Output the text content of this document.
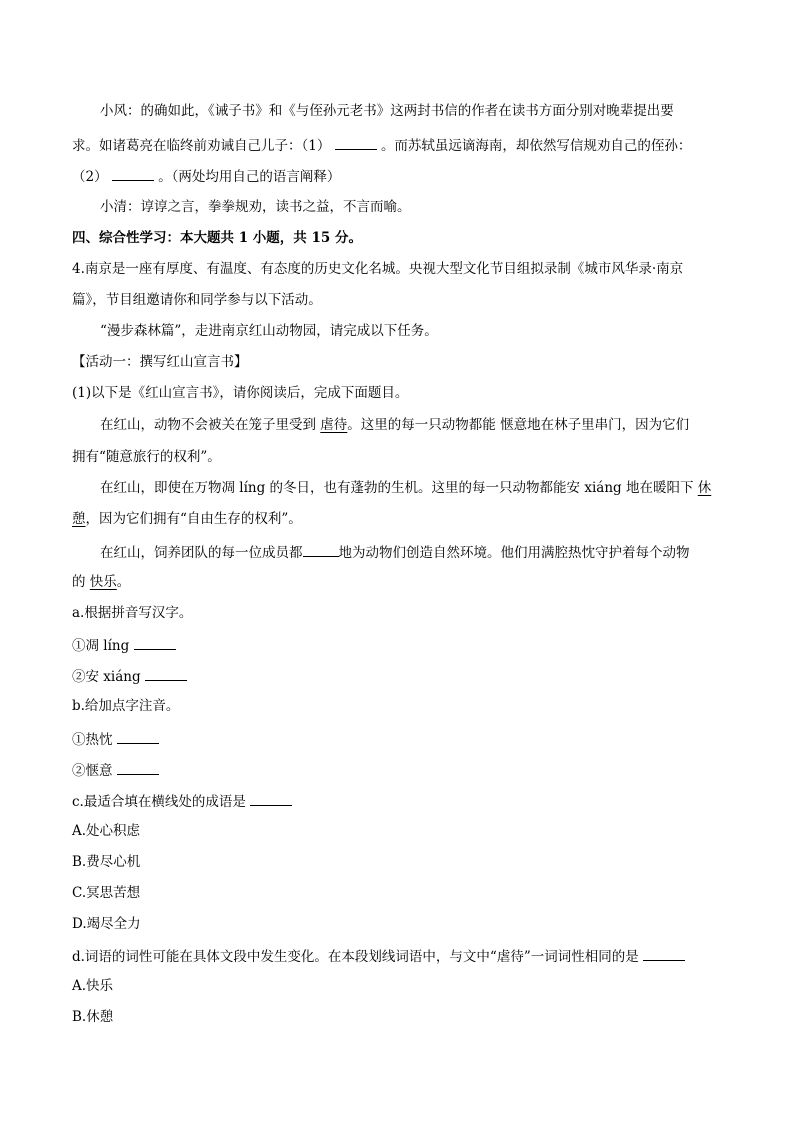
小风：的确如此，《诫子书》和《与侄孙元老书》这两封书信的作者在读书方面分别对晚辈提出要
求。如诸葛亮在临终前劝诫自己儿子：（1）	。而苏轼虽远谪海南，却依然写信规劝自己的侄孙：
（2）	。（两处均用自己的语言阐释）
小清：谆谆之言，拳拳规劝，读书之益，不言而喻。
四、综合性学习：本大题共 1 小题，共 15 分。
4.南京是一座有厚度、有温度、有态度的历史文化名城。央视大型文化节目组拟录制《城市风华录·南京
篇》，节目组邀请你和同学参与以下活动。
“漫步森林篇”，走进南京红山动物园，请完成以下任务。
【活动一：撰写红山宣言书】
(1)以下是《红山宣言书》，请你阅读后，完成下面题目。
在红山，动物不会被关在笼子里受到 虐待。这里的每一只动物都能 惬意地在林子里串门，因为它们
拥有“随意旅行的权利”。
在红山，即使在万物凋 líng 的冬日，也有蓬勃的生机。这里的每一只动物都能安 xiáng 地在暖阳下 休
憩，因为它们拥有“自由生存的权利”。
在红山，饲养团队的每一位成员都	地为动物们创造自然环境。他们用满腔热忱守护着每个动物
的 快乐。
a.根据拼音写汉字。
①凋 líng
②安 xiáng
b.给加点字注音。
①热忱
②惬意
c.最适合填在横线处的成语是
A.处心积虑
B.费尽心机
C.冥思苦想
D.竭尽全力
d.词语的词性可能在具体文段中发生变化。在本段划线词语中，与文中“虐待”一词词性相同的是
A.快乐
B.休憩
